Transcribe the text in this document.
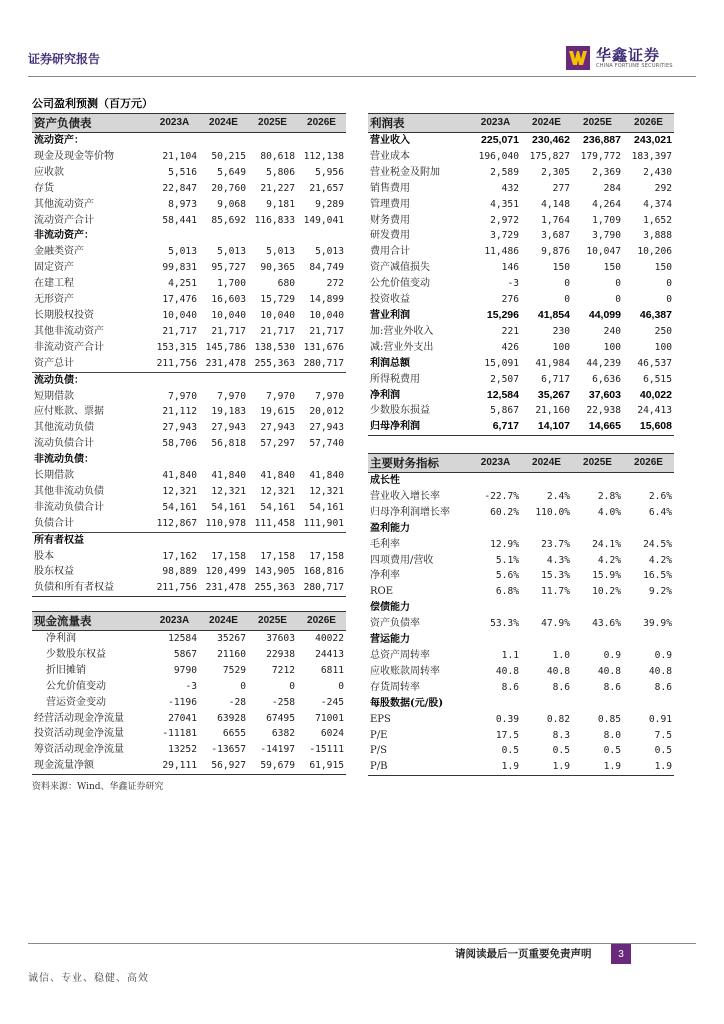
证券研究报告	华鑫证券
CHINA FORTUNE SECURITIES
公司盈利预测（百万元）
资产负债表	2023A	2024E	2025E	2026E
流动资产：				
现金及现金等价物	21,104	50,215	80,618	112,138
应收款	5,516	5,649	5,806	5,956
存货	22,847	20,760	21,227	21,657
其他流动资产	8,973	9,068	9,181	9,289
流动资产合计	58,441	85,692	116,833	149,041
非流动资产：				
金融类资产	5,013	5,013	5,013	5,013
固定资产	99,831	95,727	90,365	84,749
在建工程	4,251	1,700	680	272
无形资产	17,476	16,603	15,729	14,899
长期股权投资	10,040	10,040	10,040	10,040
其他非流动资产	21,717	21,717	21,717	21,717
非流动资产合计	153,315	145,786	138,530	131,676
资产总计	211,756	231,478	255,363	280,717
流动负债：				
短期借款	7,970	7,970	7,970	7,970
应付账款、票据	21,112	19,183	19,615	20,012
其他流动负债	27,943	27,943	27,943	27,943
流动负债合计	58,706	56,818	57,297	57,740
非流动负债：				
长期借款	41,840	41,840	41,840	41,840
其他非流动负债	12,321	12,321	12,321	12,321
非流动负债合计	54,161	54,161	54,161	54,161
负债合计	112,867	110,978	111,458	111,901
所有者权益				
股本	17,162	17,158	17,158	17,158
股东权益	98,889	120,499	143,905	168,816
负债和所有者权益	211,756	231,478	255,363	280,717
利润表	2023A	2024E	2025E	2026E
营业收入	225,071	230,462	236,887	243,021
营业成本	196,040	175,827	179,772	183,397
营业税金及附加	2,589	2,305	2,369	2,430
销售费用	432	277	284	292
管理费用	4,351	4,148	4,264	4,374
财务费用	2,972	1,764	1,709	1,652
研发费用	3,729	3,687	3,790	3,888
费用合计	11,486	9,876	10,047	10,206
资产减值损失	146	150	150	150
公允价值变动	-3	0	0	0
投资收益	276	0	0	0
营业利润	15,296	41,854	44,099	46,387
加:营业外收入	221	230	240	250
减:营业外支出	426	100	100	100
利润总额	15,091	41,984	44,239	46,537
所得税费用	2,507	6,717	6,636	6,515
净利润	12,584	35,267	37,603	40,022
少数股东损益	5,867	21,160	22,938	24,413
归母净利润	6,717	14,107	14,665	15,608
主要财务指标	2023A	2024E	2025E	2026E
成长性				
营业收入增长率	-22.7%	2.4%	2.8%	2.6%
归母净利润增长率	60.2%	110.0%	4.0%	6.4%
盈利能力				
毛利率	12.9%	23.7%	24.1%	24.5%
四项费用/营收	5.1%	4.3%	4.2%	4.2%
净利率	5.6%	15.3%	15.9%	16.5%
ROE	6.8%	11.7%	10.2%	9.2%
偿债能力				
资产负债率	53.3%	47.9%	43.6%	39.9%
营运能力				
总资产周转率	1.1	1.0	0.9	0.9
应收账款周转率	40.8	40.8	40.8	40.8
存货周转率	8.6	8.6	8.6	8.6
每股数据(元/股)				
EPS	0.39	0.82	0.85	0.91
P/E	17.5	8.3	8.0	7.5
P/S	0.5	0.5	0.5	0.5
P/B	1.9	1.9	1.9	1.9
现金流量表	2023A	2024E	2025E	2026E
净利润	12584	35267	37603	40022
少数股东权益	5867	21160	22938	24413
折旧摊销	9790	7529	7212	6811
公允价值变动	-3	0	0	0
营运资金变动	-1196	-28	-258	-245
经营活动现金净流量	27041	63928	67495	71001
投资活动现金净流量	-11181	6655	6382	6024
筹资活动现金净流量	13252	-13657	-14197	-15111
现金流量净额	29,111	56,927	59,679	61,915
资料来源：Wind、华鑫证券研究
请阅读最后一页重要免责声明	3
诚信、专业、稳健、高效
